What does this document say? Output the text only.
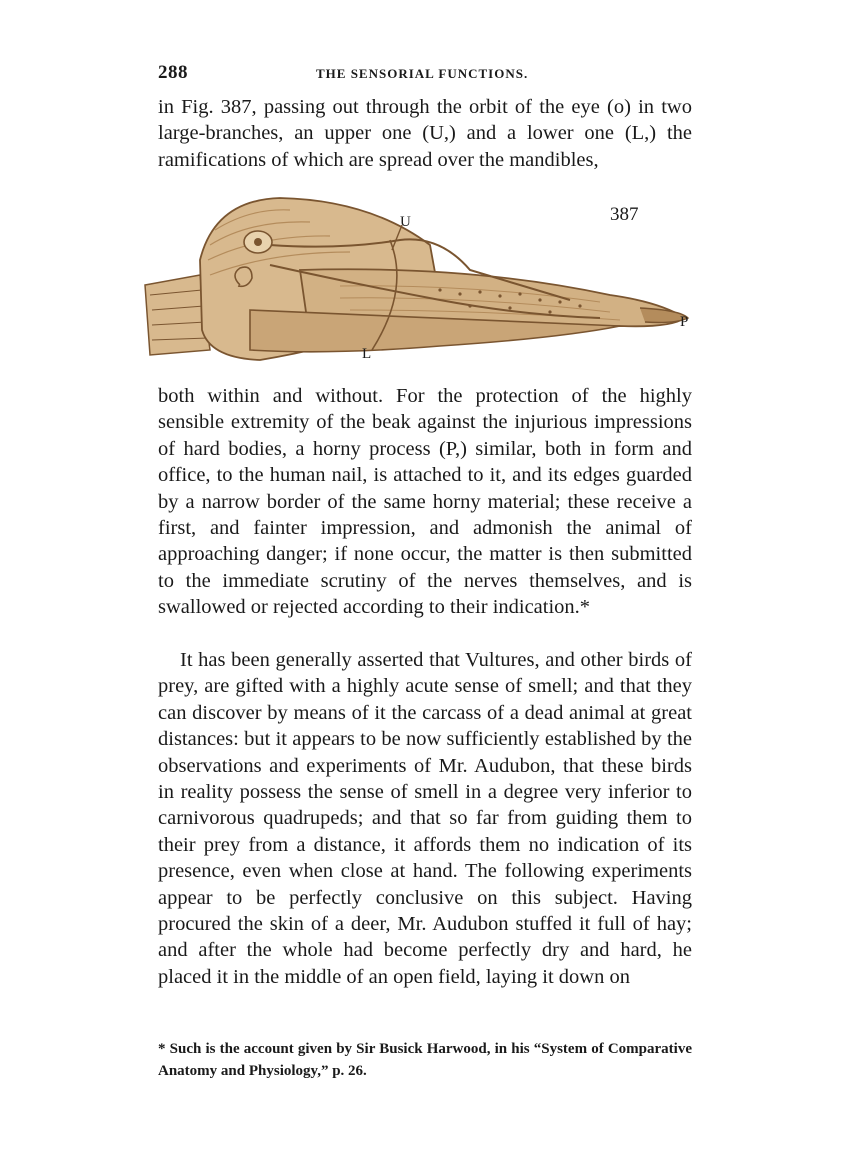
288	THE SENSORIAL FUNCTIONS.

in Fig. 387, passing out through the orbit of the eye (o) in two large-branches, an upper one (U,) and a lower one (L,) the ramifications of which are spread over the mandibles,

387
U
L
P

both within and without. For the protection of the highly sensible extremity of the beak against the injurious impressions of hard bodies, a horny process (P,) similar, both in form and office, to the human nail, is attached to it, and its edges guarded by a narrow border of the same horny material; these receive a first, and fainter impression, and admonish the animal of approaching danger; if none occur, the matter is then submitted to the immediate scrutiny of the nerves themselves, and is swallowed or rejected according to their indication.*

It has been generally asserted that Vultures, and other birds of prey, are gifted with a highly acute sense of smell; and that they can discover by means of it the carcass of a dead animal at great distances: but it appears to be now sufficiently established by the observations and experiments of Mr. Audubon, that these birds in reality possess the sense of smell in a degree very inferior to carnivorous quadrupeds; and that so far from guiding them to their prey from a distance, it affords them no indication of its presence, even when close at hand. The following experiments appear to be perfectly conclusive on this subject. Having procured the skin of a deer, Mr. Audubon stuffed it full of hay; and after the whole had become perfectly dry and hard, he placed it in the middle of an open field, laying it down on

* Such is the account given by Sir Busick Harwood, in his “System of Comparative Anatomy and Physiology,” p. 26.
